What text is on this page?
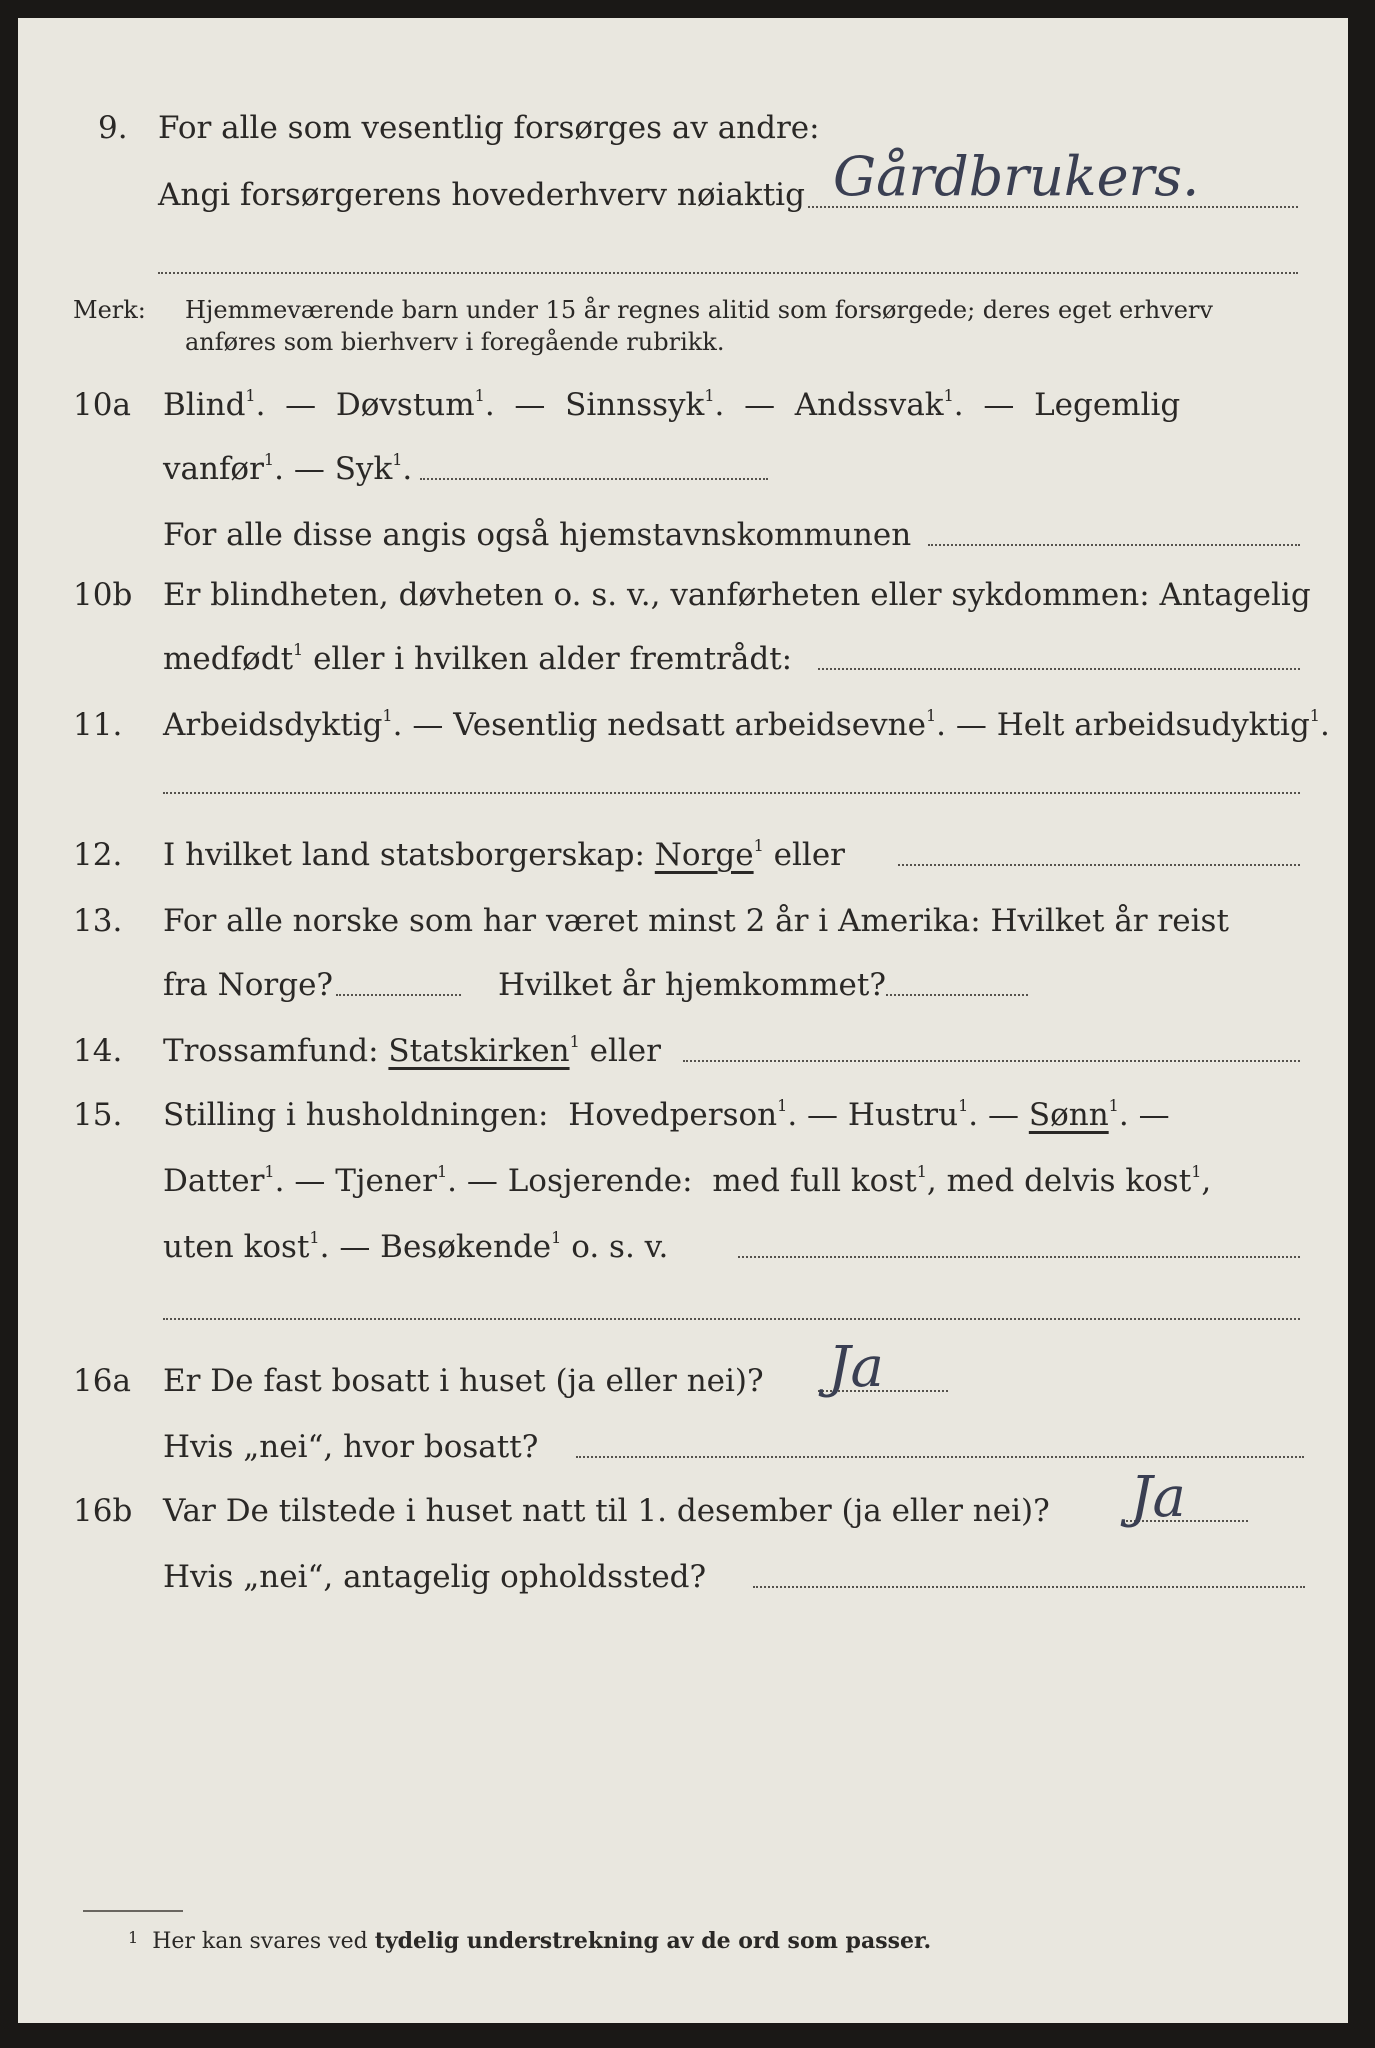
9. For alle som vesentlig forsørges av andre:
Angi forsørgerens hovederhverv nøiaktig Gårdbrukers.
Merk: Hjemmeværende barn under 15 år regnes alitid som forsørgede; deres eget erhverv
anføres som bierhverv i foregående rubrikk.
10a Blind$^1$.  — Døvstum$^1$.  — Sinnssyk$^1$.  — Andssvak$^1$.  — Legemlig
vanfør$^1$. — Syk$^1$.
For alle disse angis også hjemstavnskommunen
10b Er blindheten, døvheten o. s. v., vanførheten eller sykdommen: Antagelig
medfødt$^1$ eller i hvilken alder fremtrådt:
11. Arbeidsdyktig$^1$. — Vesentlig nedsatt arbeidsevne$^1$. — Helt arbeidsudyktig$^1$.
12. I hvilket land statsborgerskap: Norge$^1$ eller
13. For alle norske som har været minst 2 år i Amerika: Hvilket år reist
fra Norge?	Hvilket år hjemkommet?
14. Trossamfund: Statskirken$^1$ eller
15. Stilling i husholdningen: Hovedperson$^1$. — Hustru$^1$. — Sønn$^1$. —
Datter$^1$. — Tjener$^1$. — Losjerende: med full kost$^1$, med delvis kost$^1$,
uten kost$^1$. — Besøkende$^1$ o. s. v.
16a Er De fast bosatt i huset (ja eller nei)? Ja
Hvis „nei“, hvor bosatt?
16b Var De tilstede i huset natt til 1. desember (ja eller nei)? Ja
Hvis „nei“, antagelig opholdssted?
$^1$ Her kan svares ved tydelig understrekning av de ord som passer.
